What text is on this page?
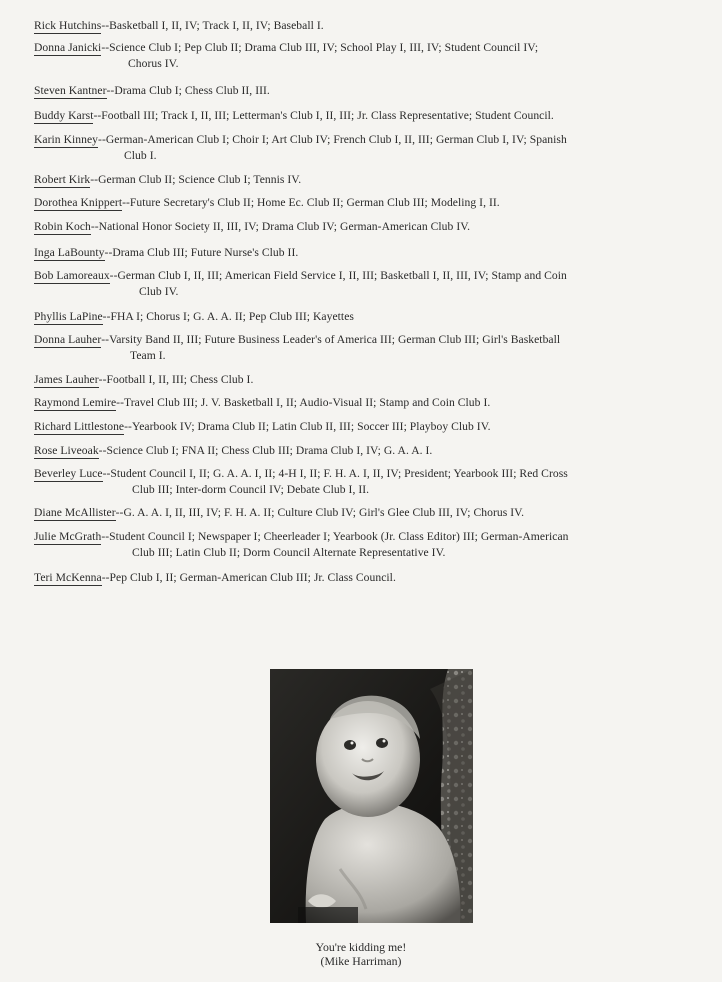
Rick Hutchins--Basketball I, II, IV; Track I, II, IV; Baseball I.
Donna Janicki--Science Club I; Pep Club II; Drama Club III, IV; School Play I, III, IV; Student Council IV;
Chorus IV.
Steven Kantner--Drama Club I; Chess Club II, III.
Buddy Karst--Football III; Track I, II, III; Letterman's Club I, II, III; Jr. Class Representative; Student Council.
Karin Kinney--German-American Club I; Choir I; Art Club IV; French Club I, II, III; German Club I, IV; Spanish
Club I.
Robert Kirk--German Club II; Science Club I; Tennis IV.
Dorothea Knippert--Future Secretary's Club II; Home Ec. Club II; German Club III; Modeling I, II.
Robin Koch--National Honor Society II, III, IV; Drama Club IV; German-American Club IV.
Inga LaBounty--Drama Club III; Future Nurse's Club II.
Bob Lamoreaux--German Club I, II, III; American Field Service I, II, III; Basketball I, II, III, IV; Stamp and Coin
Club IV.
Phyllis LaPine--FHA I; Chorus I; G. A. A. II; Pep Club III; Kayettes
Donna Lauher--Varsity Band II, III; Future Business Leader's of America III; German Club III; Girl's Basketball
Team I.
James Lauher--Football I, II, III; Chess Club I.
Raymond Lemire--Travel Club III; J. V. Basketball I, II; Audio-Visual II; Stamp and Coin Club I.
Richard Littlestone--Yearbook IV; Drama Club II; Latin Club II, III; Soccer III; Playboy Club IV.
Rose Liveoak--Science Club I; FNA II; Chess Club III; Drama Club I, IV; G. A. A. I.
Beverley Luce--Student Council I, II; G. A. A. I, II; 4-H I, II; F. H. A. I, II, IV; President; Yearbook III; Red Cross
Club III; Inter-dorm Council IV; Debate Club I, II.
Diane McAllister--G. A. A. I, II, III, IV; F. H. A. II; Culture Club IV; Girl's Glee Club III, IV; Chorus IV.
Julie McGrath--Student Council I; Newspaper I; Cheerleader I; Yearbook (Jr. Class Editor) III; German-American
Club III; Latin Club II; Dorm Council Alternate Representative IV.
Teri McKenna--Pep Club I, II; German-American Club III; Jr. Class Council.
You're kidding me!
(Mike Harriman)
